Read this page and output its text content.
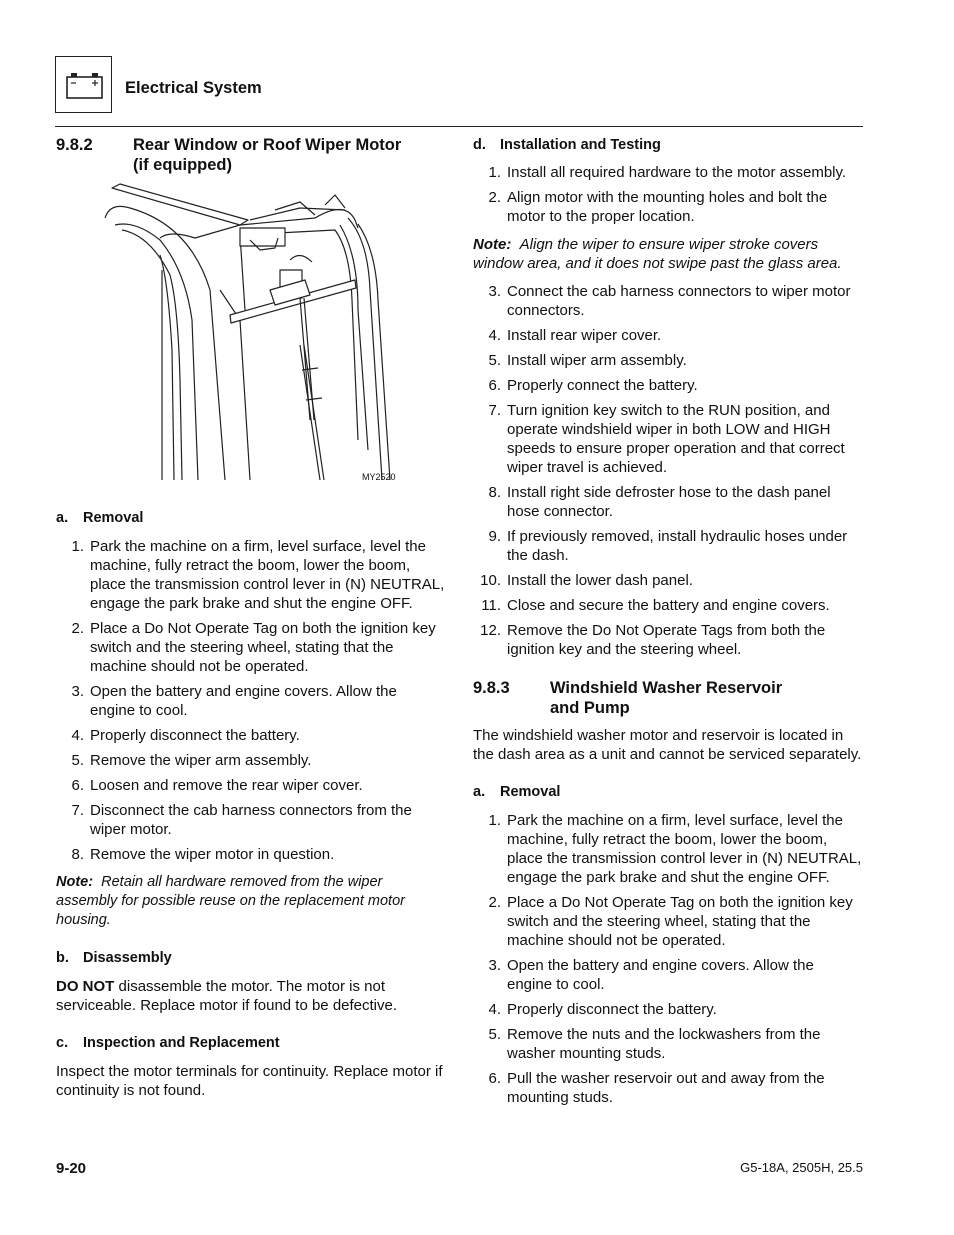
Electrical System
9.8.2	Rear Window or Roof Wiper Motor
(if equipped)
MY2520
a. Removal
1. Park the machine on a firm, level surface, level the machine, fully retract the boom, lower the boom, place the transmission control lever in (N) NEUTRAL, engage the park brake and shut the engine OFF.
2. Place a Do Not Operate Tag on both the ignition key switch and the steering wheel, stating that the machine should not be operated.
3. Open the battery and engine covers. Allow the engine to cool.
4. Properly disconnect the battery.
5. Remove the wiper arm assembly.
6. Loosen and remove the rear wiper cover.
7. Disconnect the cab harness connectors from the wiper motor.
8. Remove the wiper motor in question.

Note: Retain all hardware removed from the wiper assembly for possible reuse on the replacement motor housing.

b. Disassembly

DO NOT disassemble the motor. The motor is not serviceable. Replace motor if found to be defective.

c. Inspection and Replacement

Inspect the motor terminals for continuity. Replace motor if continuity is not found.

d. Installation and Testing
1. Install all required hardware to the motor assembly.
2. Align motor with the mounting holes and bolt the motor to the proper location.

Note: Align the wiper to ensure wiper stroke covers window area, and it does not swipe past the glass area.

3. Connect the cab harness connectors to wiper motor connectors.
4. Install rear wiper cover.
5. Install wiper arm assembly.
6. Properly connect the battery.
7. Turn ignition key switch to the RUN position, and operate windshield wiper in both LOW and HIGH speeds to ensure proper operation and that correct wiper travel is achieved.
8. Install right side defroster hose to the dash panel hose connector.
9. If previously removed, install hydraulic hoses under the dash.
10. Install the lower dash panel.
11. Close and secure the battery and engine covers.
12. Remove the Do Not Operate Tags from both the ignition key and the steering wheel.
9.8.3	Windshield Washer Reservoir
and Pump

The windshield washer motor and reservoir is located in the dash area as a unit and cannot be serviced separately.

a. Removal
1. Park the machine on a firm, level surface, level the machine, fully retract the boom, lower the boom, place the transmission control lever in (N) NEUTRAL, engage the park brake and shut the engine OFF.
2. Place a Do Not Operate Tag on both the ignition key switch and the steering wheel, stating that the machine should not be operated.
3. Open the battery and engine covers. Allow the engine to cool.
4. Properly disconnect the battery.
5. Remove the nuts and the lockwashers from the washer mounting studs.
6. Pull the washer reservoir out and away from the mounting studs.
9-20	G5-18A, 2505H, 25.5
